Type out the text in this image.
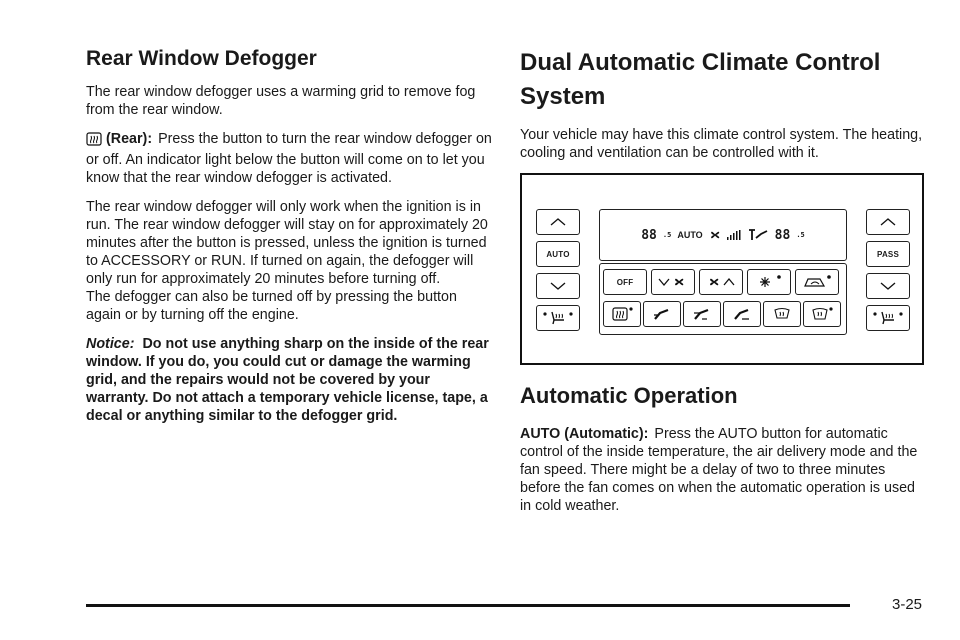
Rear Window Defogger

The rear window defogger uses a warming grid to remove fog from the rear window.

(Rear): Press the button to turn the rear window defogger on or off. An indicator light below the button will come on to let you know that the rear window defogger is activated.

The rear window defogger will only work when the ignition is in run. The rear window defogger will stay on for approximately 20 minutes after the button is pressed, unless the ignition is turned to ACCESSORY or RUN. If turned on again, the defogger will only run for approximately 20 minutes before turning off.

The defogger can also be turned off by pressing the button again or by turning off the engine.

Notice: Do not use anything sharp on the inside of the rear window. If you do, you could cut or damage the warming grid, and the repairs would not be covered by your warranty. Do not attach a temporary vehicle license, tape, a decal or anything similar to the defogger grid.

Dual Automatic Climate Control System

Your vehicle may have this climate control system. The heating, cooling and ventilation can be controlled with it.

AUTO
88 .5 AUTO	88 .5
OFF
PASS
Automatic Operation

AUTO (Automatic): Press the AUTO button for automatic control of the inside temperature, the air delivery mode and the fan speed. There might be a delay of two to three minutes before the fan comes on when the automatic operation is used in cold weather.

3-25
